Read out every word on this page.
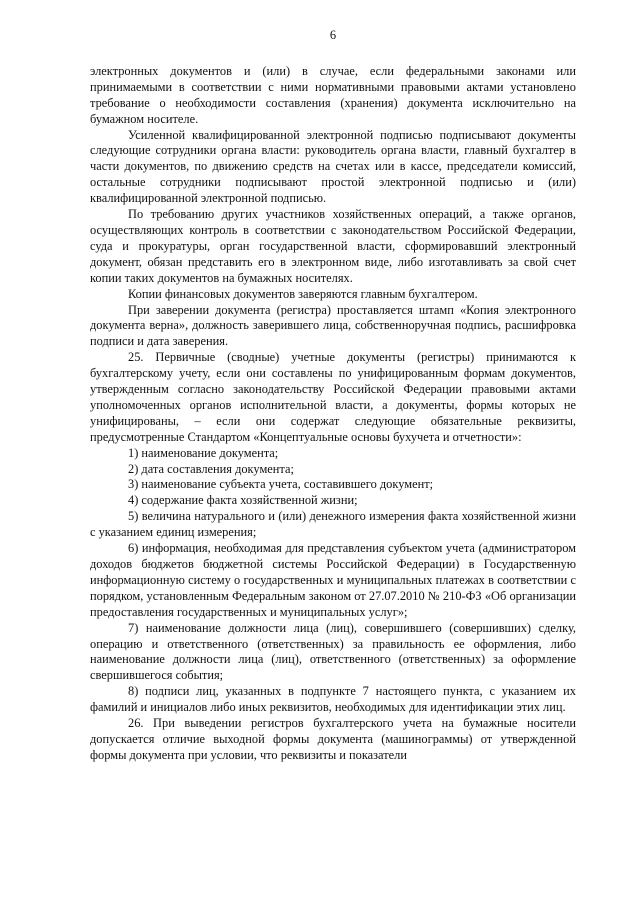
6

электронных документов и (или) в случае, если федеральными законами или принимаемыми в соответствии с ними нормативными правовыми актами установлено требование о необходимости составления (хранения) документа исключительно на бумажном носителе.

Усиленной квалифицированной электронной подписью подписывают документы следующие сотрудники органа власти: руководитель органа власти, главный бухгалтер в части документов, по движению средств на счетах или в кассе, председатели комиссий, остальные сотрудники подписывают простой электронной подписью и (или) квалифицированной электронной подписью.

По требованию других участников хозяйственных операций, а также органов, осуществляющих контроль в соответствии с законодательством Российской Федерации, суда и прокуратуры, орган государственной власти, сформировавший электронный документ, обязан представить его в электронном виде, либо изготавливать за свой счет копии таких документов на бумажных носителях.

Копии финансовых документов заверяются главным бухгалтером.

При заверении документа (регистра) проставляется штамп «Копия электронного документа верна», должность заверившего лица, собственноручная подпись, расшифровка подписи и дата заверения.

25. Первичные (сводные) учетные документы (регистры) принимаются к бухгалтерскому учету, если они составлены по унифицированным формам документов, утвержденным согласно законодательству Российской Федерации правовыми актами уполномоченных органов исполнительной власти, а документы, формы которых не унифицированы, – если они содержат следующие обязательные реквизиты, предусмотренные Стандартом «Концептуальные основы бухучета и отчетности»:

1) наименование документа;

2) дата составления документа;

3) наименование субъекта учета, составившего документ;

4) содержание факта хозяйственной жизни;

5) величина натурального и (или) денежного измерения факта хозяйственной жизни с указанием единиц измерения;

6) информация, необходимая для представления субъектом учета (администратором доходов бюджетов бюджетной системы Российской Федерации) в Государственную информационную систему о государственных и муниципальных платежах в соответствии с порядком, установленным Федеральным законом от 27.07.2010 № 210-ФЗ «Об организации предоставления государственных и муниципальных услуг»;

7) наименование должности лица (лиц), совершившего (совершивших) сделку, операцию и ответственного (ответственных) за правильность ее оформления, либо наименование должности лица (лиц), ответственного (ответственных) за оформление свершившегося события;

8) подписи лиц, указанных в подпункте 7 настоящего пункта, с указанием их фамилий и инициалов либо иных реквизитов, необходимых для идентификации этих лиц.

26. При выведении регистров бухгалтерского учета на бумажные носители допускается отличие выходной формы документа (машинограммы) от утвержденной формы документа при условии, что реквизиты и показатели
